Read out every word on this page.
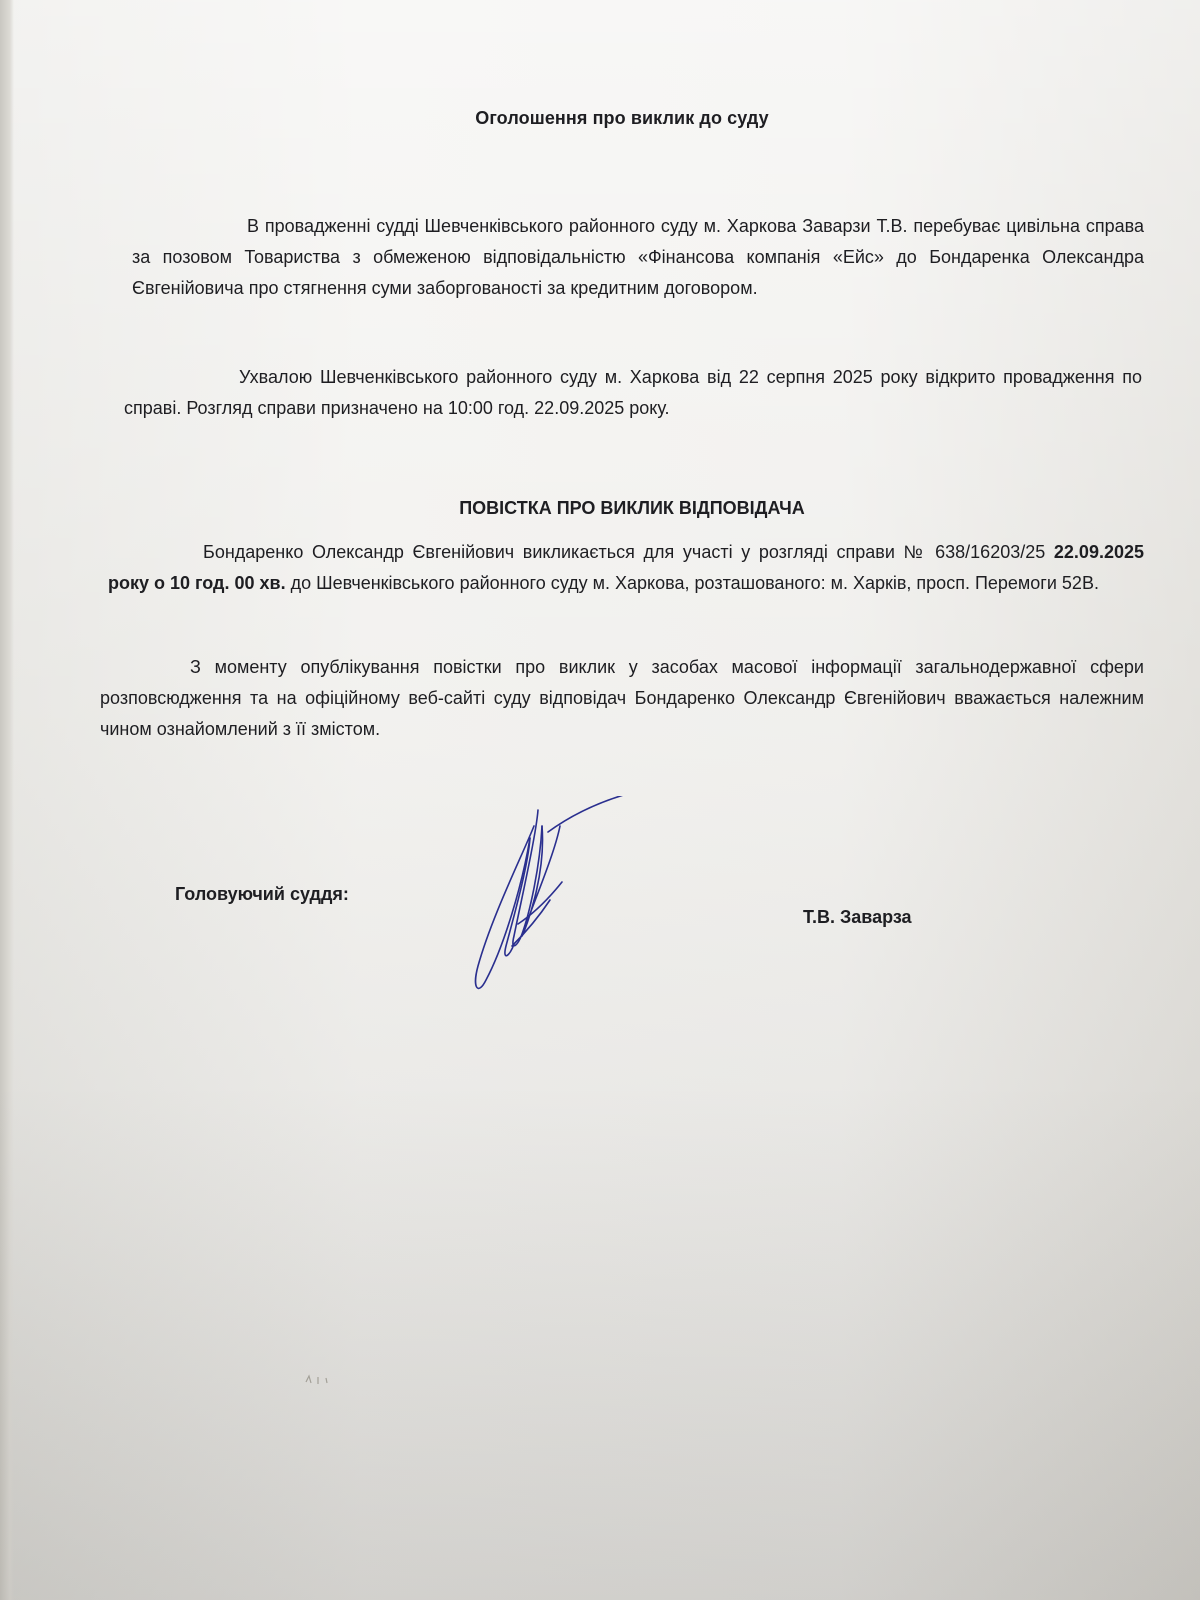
Оголошення про виклик до суду

В провадженні судді Шевченківського районного суду м. Харкова Заварзи Т.В. перебуває цивільна справа за позовом Товариства з обмеженою відповідальністю «Фінансова компанія «Ейс» до Бондаренка Олександра Євгенійовича про стягнення суми заборгованості за кредитним договором.

Ухвалою Шевченківського районного суду м. Харкова від 22 серпня 2025 року відкрито провадження по справі. Розгляд справи призначено на 10:00 год. 22.09.2025 року.

ПОВІСТКА ПРО ВИКЛИК ВІДПОВІДАЧА

Бондаренко Олександр Євгенійович викликається для участі у розгляді справи № 638/16203/25 22.09.2025 року о 10 год. 00 хв. до Шевченківського районного суду м. Харкова, розташованого: м. Харків, просп. Перемоги 52В.

З моменту опублікування повістки про виклик у засобах масової інформації загальнодержавної сфери розповсюдження та на офіційному веб-сайті суду відповідач Бондаренко Олександр Євгенійович вважається належним чином ознайомлений з її змістом.

Головуючий суддя:
Т.В. Заварза
